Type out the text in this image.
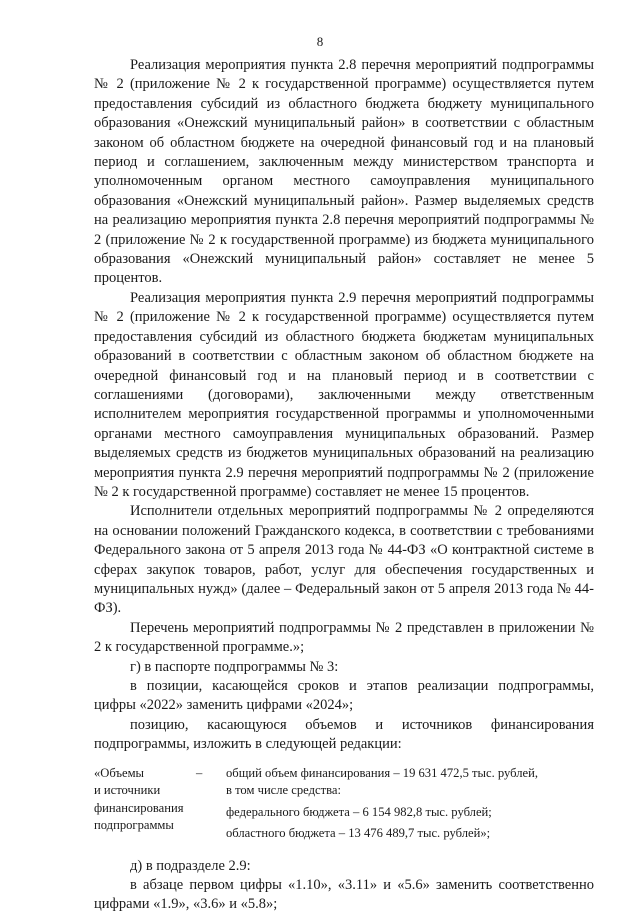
8

Реализация мероприятия пункта 2.8 перечня мероприятий подпрограммы № 2 (приложение № 2 к государственной программе) осуществляется путем предоставления субсидий из областного бюджета бюджету муниципального образования «Онежский муниципальный район» в соответствии с областным законом об областном бюджете на очередной финансовый год и на плановый период и соглашением, заключенным между министерством транспорта и уполномоченным органом местного самоуправления муниципального образования «Онежский муниципальный район». Размер выделяемых средств на реализацию мероприятия пункта 2.8 перечня мероприятий подпрограммы № 2 (приложение № 2 к государственной программе) из бюджета муниципального образования «Онежский муниципальный район» составляет не менее 5 процентов.

Реализация мероприятия пункта 2.9 перечня мероприятий подпрограммы № 2 (приложение № 2 к государственной программе) осуществляется путем предоставления субсидий из областного бюджета бюджетам муниципальных образований в соответствии с областным законом об областном бюджете на очередной финансовый год и на плановый период и в соответствии с соглашениями (договорами), заключенными между ответственным исполнителем мероприятия государственной программы и уполномоченными органами местного самоуправления муниципальных образований. Размер выделяемых средств из бюджетов муниципальных образований на реализацию мероприятия пункта 2.9 перечня мероприятий подпрограммы № 2 (приложение № 2 к государственной программе) составляет не менее 15 процентов.

Исполнители отдельных мероприятий подпрограммы № 2 определяются на основании положений Гражданского кодекса, в соответствии с требованиями Федерального закона от 5 апреля 2013 года № 44-ФЗ «О контрактной системе в сферах закупок товаров, работ, услуг для обеспечения государственных и муниципальных нужд» (далее – Федеральный закон от 5 апреля 2013 года № 44-ФЗ).

Перечень мероприятий подпрограммы № 2 представлен в приложении № 2 к государственной программе.»;

г) в паспорте подпрограммы № 3:

в позиции, касающейся сроков и этапов реализации подпрограммы, цифры «2022» заменить цифрами «2024»;

позицию, касающуюся объемов и источников финансирования подпрограммы, изложить в следующей редакции:

«Объемы
и источники
финансирования
подпрограммы
–	общий объем финансирования – 19 631 472,5 тыс. рублей,
в том числе средства:
федерального бюджета – 6 154 982,8 тыс. рублей;
областного бюджета – 13 476 489,7 тыс. рублей»;

д) в подразделе 2.9:

в абзаце первом цифры «1.10», «3.11» и «5.6» заменить соответственно цифрами «1.9», «3.6» и «5.8»;
